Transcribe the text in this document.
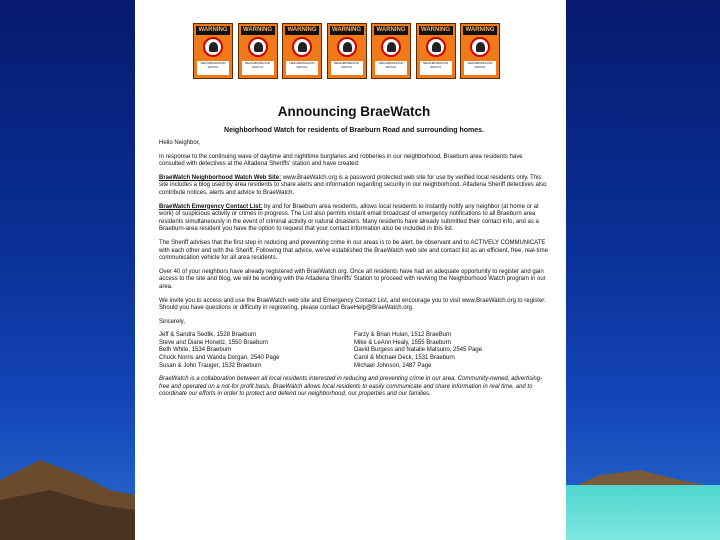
WARNING
NEIGHBORHOOD WATCH
WARNING
NEIGHBORHOOD WATCH
WARNING
NEIGHBORHOOD WATCH
WARNING
NEIGHBORHOOD WATCH
WARNING
NEIGHBORHOOD WATCH
WARNING
NEIGHBORHOOD WATCH
WARNING
NEIGHBORHOOD WATCH
Announcing BraeWatch
Neighborhood Watch for residents of Braeburn Road and surrounding homes.
Hello Neighbor,
In response to the continuing wave of daytime and nighttime burglaries and robberies in our neighborhood, Braeburn area residents have consulted with detectives at the Altadena Sheriffs' station and have created:
BraeWatch Neighborhood Watch Web Site: www.BraeWatch.org is a password protected web site for use by verified local residents only. This site includes a blog used by area residents to share alerts and information regarding security in our neighborhood. Altadena Sheriff detectives also contribute notices, alerts and advice to BraeWatch.
BraeWatch Emergency Contact List: by and for Braeburn area residents, allows local residents to instantly notify any neighbor (at home or at work) of suspicious activity or crimes in progress. The List also permits instant email broadcast of emergency notifications to all Braeburn area residents simultaneously in the event of criminal activity or natural disasters. Many residents have already submitted their contact info, and as a Braeburn-area resident you have the option to request that your contact information also be included in this list.
The Sheriff advises that the first step in reducing and preventing crime in our areas is to be alert, be observant and to ACTIVELY COMMUNICATE with each other and with the Sheriff. Following that advice, we've established the BraeWatch web site and contact list as an efficient, free, real-time communication vehicle for all area residents.
Over 40 of your neighbors have already registered with BraeWatch.org. Once all residents have had an adequate opportunity to register and gain access to the site and blog, we will be working with the Altadena Sheriffs' Station to proceed with reviving the Neighborhood Watch program in our area.
We invite you to access and use the BraeWatch web site and Emergency Contact List, and encourage you to visit www.BraeWatch.org to register. Should you have questions or difficulty in registering, please contact BraeHelp@BraeWatch.org.
Sincerely,
Jeff & Sandra Sedlik, 1528 Braeburn
Steve and Diane Horwitz, 1550 Braeburn
Beth White, 1534 Braeburn
Chuck Norris and Wanda Dorgan, 2540 Page
Susan & John Trauger, 1532 Braeburn
Farzy & Brian Hulan, 1512 BraeBurn
Mike & LeAnn Healy, 1555 Braeburn
David Burgess and Natalie Matsuno, 2545 Page
Carol & Michael Deck, 1531 Braeburn
Michael Johnson, 2487 Page
BraeWatch is a collaboration between all local residents interested in reducing and preventing crime in our area. Community-owned, advertising-free and operated on a not-for profit basis, BraeWatch allows local residents to easily communicate and share information in real time, and to coordinate our efforts in order to protect and defend our neighborhood, our properties and our families.
